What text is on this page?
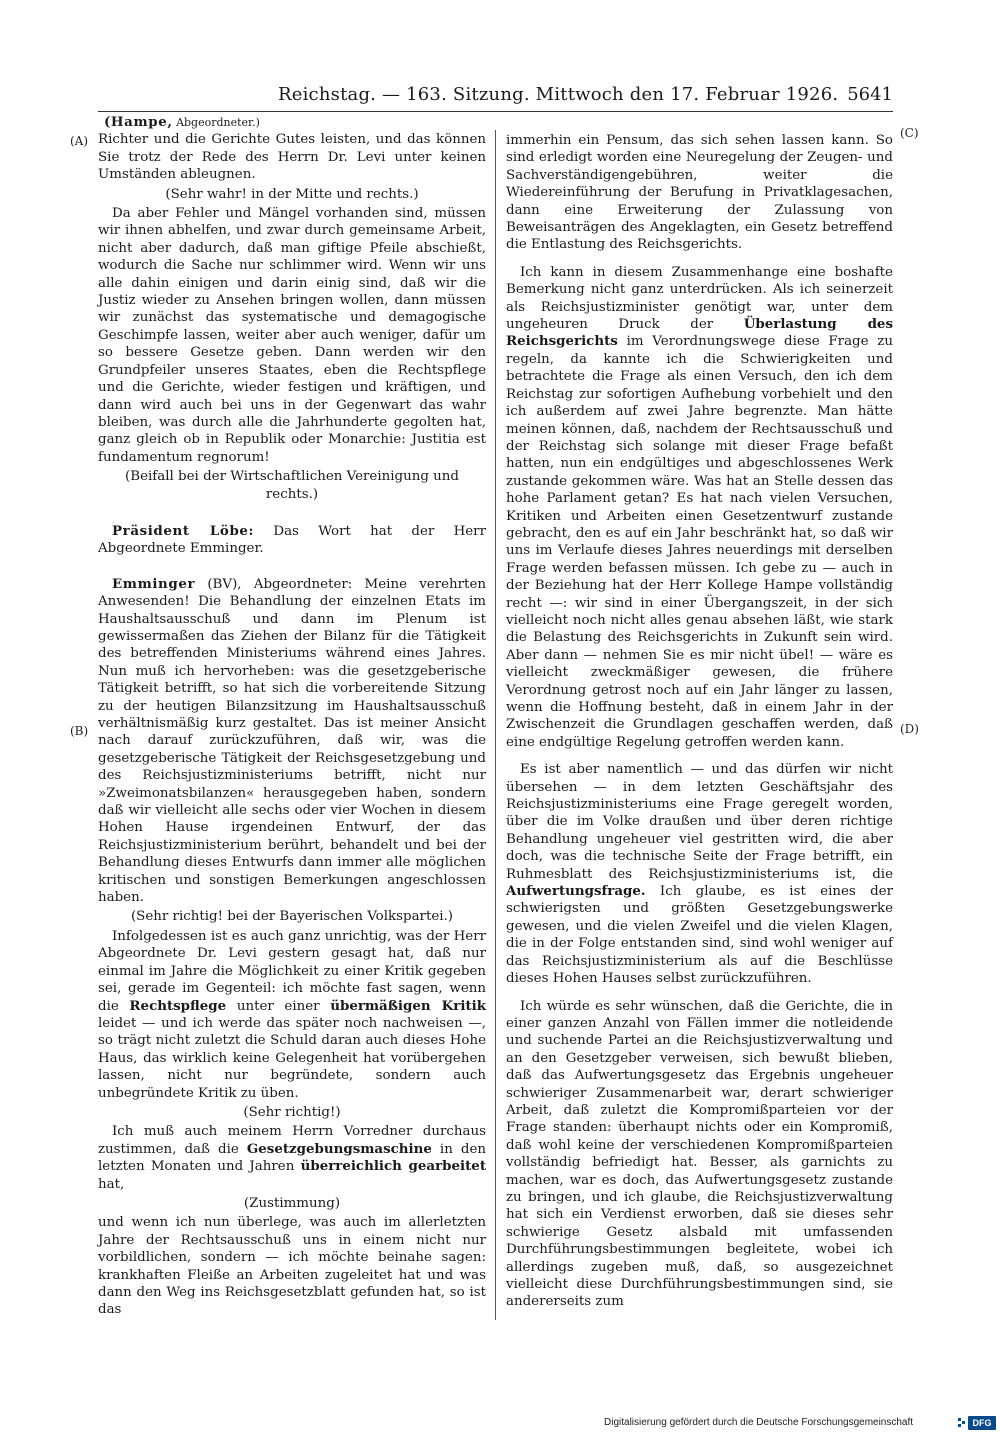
Reichstag. — 163. Sitzung. Mittwoch den 17. Februar 1926. 5641
(A)
(B)
(C)
(D)

(Hampe, Abgeordneter.)

Richter und die Gerichte Gutes leisten, und das können Sie trotz der Rede des Herrn Dr. Levi unter keinen Umständen ableugnen.

(Sehr wahr! in der Mitte und rechts.)

Da aber Fehler und Mängel vorhanden sind, müssen wir ihnen abhelfen, und zwar durch gemeinsame Arbeit, nicht aber dadurch, daß man giftige Pfeile abschießt, wodurch die Sache nur schlimmer wird. Wenn wir uns alle dahin einigen und darin einig sind, daß wir die Justiz wieder zu Ansehen bringen wollen, dann müssen wir zunächst das systematische und demagogische Geschimpfe lassen, weiter aber auch weniger, dafür um so bessere Gesetze geben. Dann werden wir den Grundpfeiler unseres Staates, eben die Rechtspflege und die Gerichte, wieder festigen und kräftigen, und dann wird auch bei uns in der Gegenwart das wahr bleiben, was durch alle die Jahrhunderte gegolten hat, ganz gleich ob in Republik oder Monarchie: Justitia est fundamentum regnorum!

(Beifall bei der Wirtschaftlichen Vereinigung und rechts.)

Präsident Löbe: Das Wort hat der Herr Abgeordnete Emminger.

Emminger (BV), Abgeordneter: Meine verehrten Anwesenden! Die Behandlung der einzelnen Etats im Haushaltsausschuß und dann im Plenum ist gewissermaßen das Ziehen der Bilanz für die Tätigkeit des betreffenden Ministeriums während eines Jahres. Nun muß ich hervorheben: was die gesetzgeberische Tätigkeit betrifft, so hat sich die vorbereitende Sitzung zu der heutigen Bilanzsitzung im Haushaltsausschuß verhältnismäßig kurz gestaltet. Das ist meiner Ansicht nach darauf zurückzuführen, daß wir, was die gesetzgeberische Tätigkeit der Reichsgesetzgebung und des Reichsjustizministeriums betrifft, nicht nur »Zweimonatsbilanzen« herausgegeben haben, sondern daß wir vielleicht alle sechs oder vier Wochen in diesem Hohen Hause irgendeinen Entwurf, der das Reichsjustizministerium berührt, behandelt und bei der Behandlung dieses Entwurfs dann immer alle möglichen kritischen und sonstigen Bemerkungen angeschlossen haben.

(Sehr richtig! bei der Bayerischen Volkspartei.)

Infolgedessen ist es auch ganz unrichtig, was der Herr Abgeordnete Dr. Levi gestern gesagt hat, daß nur einmal im Jahre die Möglichkeit zu einer Kritik gegeben sei, gerade im Gegenteil: ich möchte fast sagen, wenn die Rechtspflege unter einer übermäßigen Kritik leidet — und ich werde das später noch nachweisen —, so trägt nicht zuletzt die Schuld daran auch dieses Hohe Haus, das wirklich keine Gelegenheit hat vorübergehen lassen, nicht nur begründete, sondern auch unbegründete Kritik zu üben.

(Sehr richtig!)

Ich muß auch meinem Herrn Vorredner durchaus zustimmen, daß die Gesetzgebungsmaschine in den letzten Monaten und Jahren überreichlich gearbeitet hat,

(Zustimmung)

und wenn ich nun überlege, was auch im allerletzten Jahre der Rechtsausschuß uns in einem nicht nur vorbildlichen, sondern — ich möchte beinahe sagen: krankhaften Fleiße an Arbeiten zugeleitet hat und was dann den Weg ins Reichsgesetzblatt gefunden hat, so ist das

immerhin ein Pensum, das sich sehen lassen kann. So sind erledigt worden eine Neuregelung der Zeugen- und Sachverständigengebühren, weiter die Wiedereinführung der Berufung in Privatklagesachen, dann eine Erweiterung der Zulassung von Beweisanträgen des Angeklagten, ein Gesetz betreffend die Entlastung des Reichsgerichts.

Ich kann in diesem Zusammenhange eine boshafte Bemerkung nicht ganz unterdrücken. Als ich seinerzeit als Reichsjustizminister genötigt war, unter dem ungeheuren Druck der Überlastung des Reichsgerichts im Verordnungswege diese Frage zu regeln, da kannte ich die Schwierigkeiten und betrachtete die Frage als einen Versuch, den ich dem Reichstag zur sofortigen Aufhebung vorbehielt und den ich außerdem auf zwei Jahre begrenzte. Man hätte meinen können, daß, nachdem der Rechtsausschuß und der Reichstag sich solange mit dieser Frage befaßt hatten, nun ein endgültiges und abgeschlossenes Werk zustande gekommen wäre. Was hat an Stelle dessen das hohe Parlament getan? Es hat nach vielen Versuchen, Kritiken und Arbeiten einen Gesetzentwurf zustande gebracht, den es auf ein Jahr beschränkt hat, so daß wir uns im Verlaufe dieses Jahres neuerdings mit derselben Frage werden befassen müssen. Ich gebe zu — auch in der Beziehung hat der Herr Kollege Hampe vollständig recht —: wir sind in einer Übergangszeit, in der sich vielleicht noch nicht alles genau absehen läßt, wie stark die Belastung des Reichsgerichts in Zukunft sein wird. Aber dann — nehmen Sie es mir nicht übel! — wäre es vielleicht zweckmäßiger gewesen, die frühere Verordnung getrost noch auf ein Jahr länger zu lassen, wenn die Hoffnung besteht, daß in einem Jahr in der Zwischenzeit die Grundlagen geschaffen werden, daß eine endgültige Regelung getroffen werden kann.

Es ist aber namentlich — und das dürfen wir nicht übersehen — in dem letzten Geschäftsjahr des Reichsjustizministeriums eine Frage geregelt worden, über die im Volke draußen und über deren richtige Behandlung ungeheuer viel gestritten wird, die aber doch, was die technische Seite der Frage betrifft, ein Ruhmesblatt des Reichsjustizministeriums ist, die Aufwertungsfrage. Ich glaube, es ist eines der schwierigsten und größten Gesetzgebungswerke gewesen, und die vielen Zweifel und die vielen Klagen, die in der Folge entstanden sind, sind wohl weniger auf das Reichsjustizministerium als auf die Beschlüsse dieses Hohen Hauses selbst zurückzuführen.

Ich würde es sehr wünschen, daß die Gerichte, die in einer ganzen Anzahl von Fällen immer die notleidende und suchende Partei an die Reichsjustizverwaltung und an den Gesetzgeber verweisen, sich bewußt blieben, daß das Aufwertungsgesetz das Ergebnis ungeheuer schwieriger Zusammenarbeit war, derart schwieriger Arbeit, daß zuletzt die Kompromißparteien vor der Frage standen: überhaupt nichts oder ein Kompromiß, daß wohl keine der verschiedenen Kompromißparteien vollständig befriedigt hat. Besser, als garnichts zu machen, war es doch, das Aufwertungsgesetz zustande zu bringen, und ich glaube, die Reichsjustizverwaltung hat sich ein Verdienst erworben, daß sie dieses sehr schwierige Gesetz alsbald mit umfassenden Durchführungsbestimmungen begleitete, wobei ich allerdings zugeben muß, daß, so ausgezeichnet vielleicht diese Durchführungsbestimmungen sind, sie andererseits zum

Digitalisierung gefördert durch die Deutsche Forschungsgemeinschaft	DFG
